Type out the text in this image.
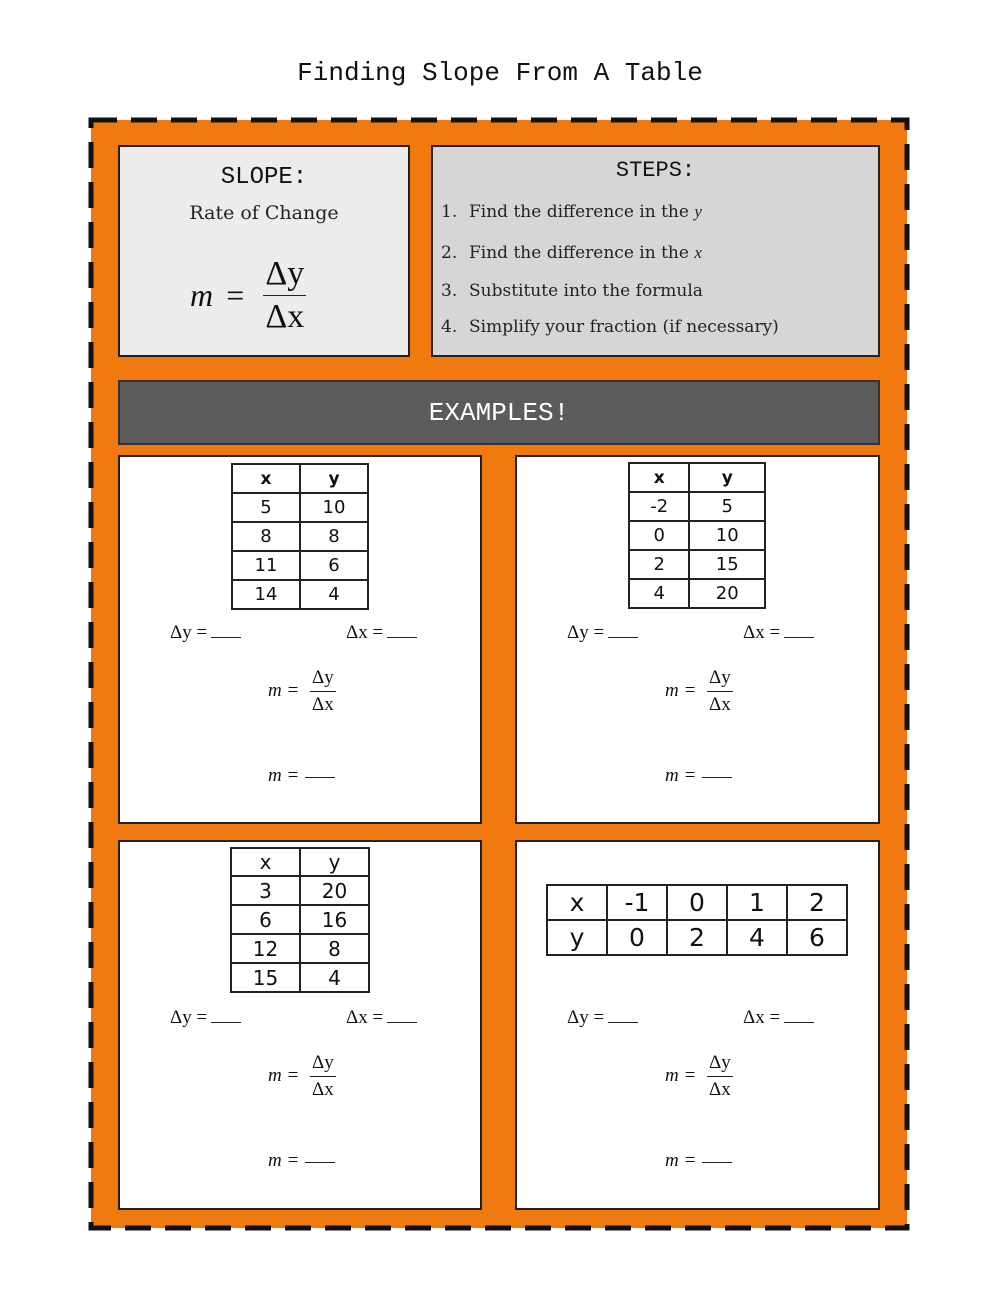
Finding Slope From A Table
SLOPE:
Rate of Change
$m = \frac{\Delta y}{\Delta x}$
STEPS:
1. Find the difference in the y
2. Find the difference in the x
3. Substitute into the formula
4. Simplify your fraction (if necessary)
EXAMPLES!
x	y
5	10
8	8
11	6
14	4
Δy =	Δx =
$m = \frac{\Delta y}{\Delta x}$
m =
x	y
-2	5
0	10
2	15
4	20
Δy =	Δx =
$m = \frac{\Delta y}{\Delta x}$
m =
x	y
3	20
6	16
12	8
15	4
Δy =	Δx =
$m = \frac{\Delta y}{\Delta x}$
m =
x	-1	0	1	2
y	0	2	4	6
Δy =	Δx =
$m = \frac{\Delta y}{\Delta x}$
m =
